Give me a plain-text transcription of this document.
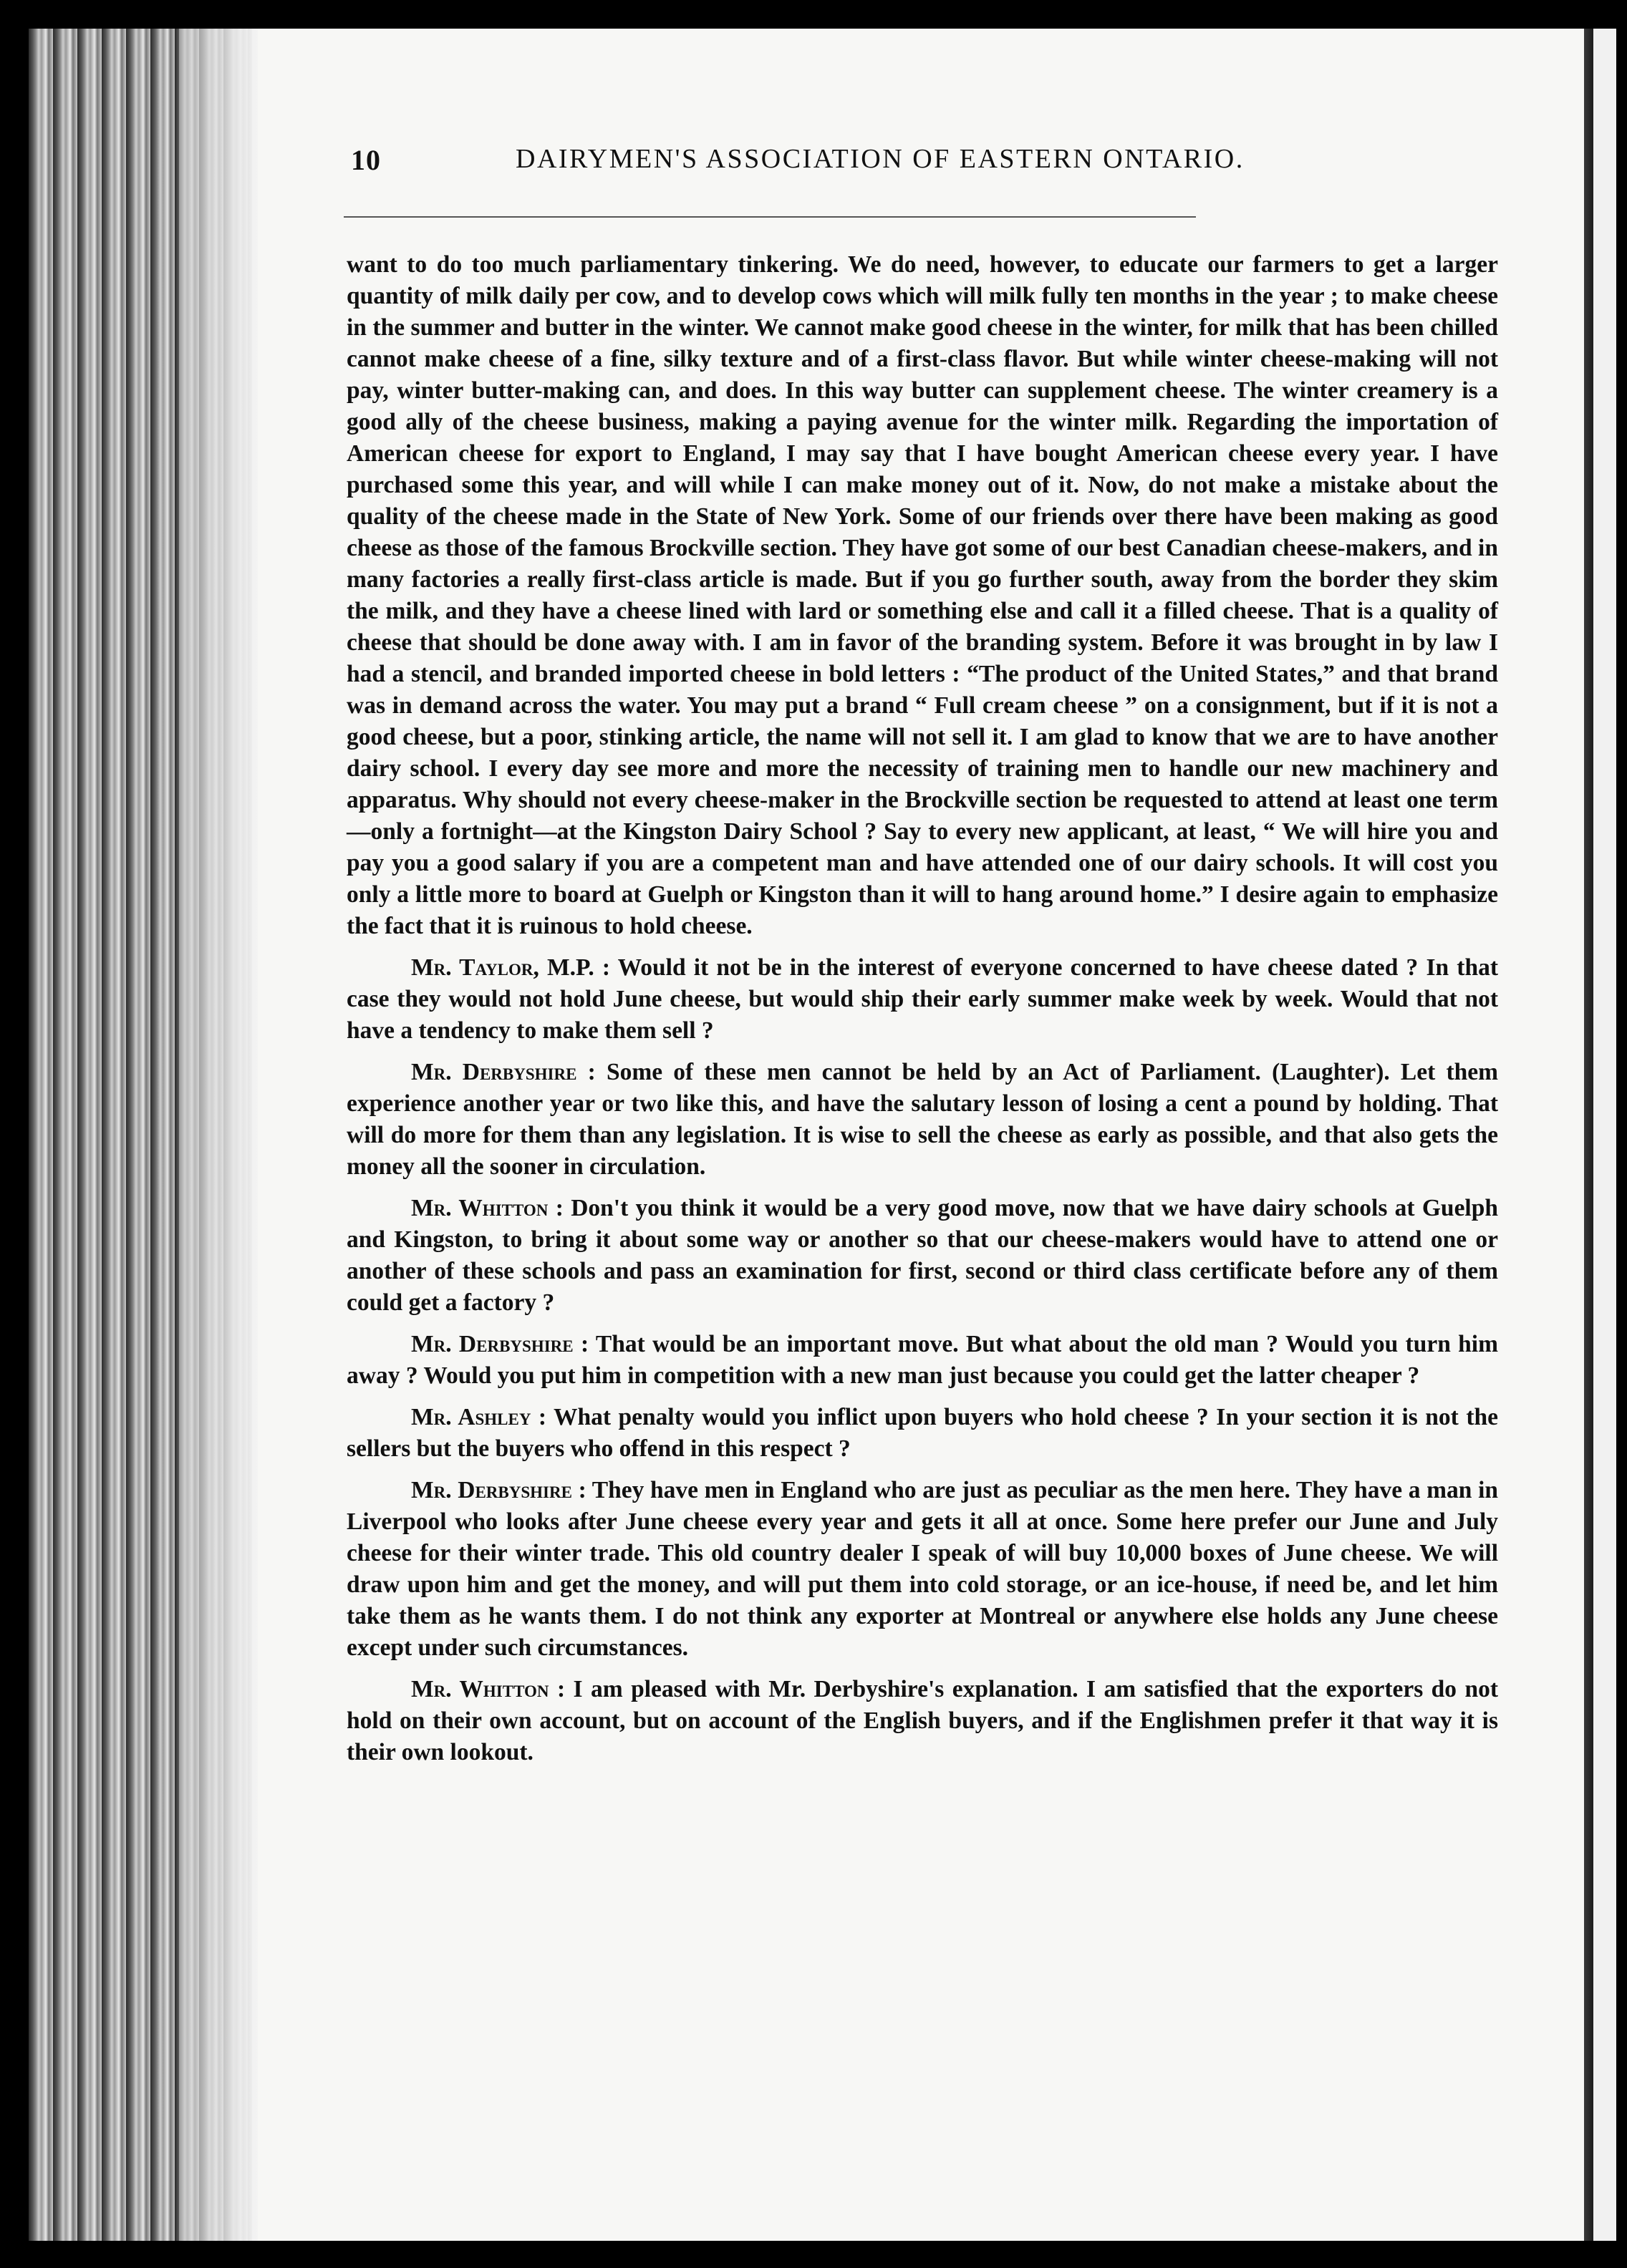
10	DAIRYMEN'S ASSOCIATION OF EASTERN ONTARIO.

want to do too much parliamentary tinkering. We do need, however, to educate our farmers to get a larger quantity of milk daily per cow, and to develop cows which will milk fully ten months in the year ; to make cheese in the summer and butter in the winter. We cannot make good cheese in the winter, for milk that has been chilled cannot make cheese of a fine, silky texture and of a first-class flavor. But while winter cheese-making will not pay, winter butter-making can, and does. In this way butter can supplement cheese. The winter creamery is a good ally of the cheese business, making a paying avenue for the winter milk. Regarding the importation of American cheese for export to England, I may say that I have bought American cheese every year. I have purchased some this year, and will while I can make money out of it. Now, do not make a mistake about the quality of the cheese made in the State of New York. Some of our friends over there have been making as good cheese as those of the famous Brockville section. They have got some of our best Canadian cheese-makers, and in many factories a really first-class article is made. But if you go further south, away from the border they skim the milk, and they have a cheese lined with lard or something else and call it a filled cheese. That is a quality of cheese that should be done away with. I am in favor of the branding system. Before it was brought in by law I had a stencil, and branded imported cheese in bold letters : “The product of the United States,” and that brand was in demand across the water. You may put a brand “ Full cream cheese ” on a consignment, but if it is not a good cheese, but a poor, stinking article, the name will not sell it. I am glad to know that we are to have another dairy school. I every day see more and more the necessity of training men to handle our new machinery and apparatus. Why should not every cheese-maker in the Brockville section be requested to attend at least one term—only a fortnight—at the Kingston Dairy School ? Say to every new applicant, at least, “ We will hire you and pay you a good salary if you are a competent man and have attended one of our dairy schools. It will cost you only a little more to board at Guelph or Kingston than it will to hang around home.” I desire again to emphasize the fact that it is ruinous to hold cheese.

Mr. Taylor, M.P. : Would it not be in the interest of everyone concerned to have cheese dated ? In that case they would not hold June cheese, but would ship their early summer make week by week. Would that not have a tendency to make them sell ?

Mr. Derbyshire : Some of these men cannot be held by an Act of Parliament. (Laughter). Let them experience another year or two like this, and have the salutary lesson of losing a cent a pound by holding. That will do more for them than any legislation. It is wise to sell the cheese as early as possible, and that also gets the money all the sooner in circulation.

Mr. Whitton : Don't you think it would be a very good move, now that we have dairy schools at Guelph and Kingston, to bring it about some way or another so that our cheese-makers would have to attend one or another of these schools and pass an examination for first, second or third class certificate before any of them could get a factory ?

Mr. Derbyshire : That would be an important move. But what about the old man ? Would you turn him away ? Would you put him in competition with a new man just because you could get the latter cheaper ?

Mr. Ashley : What penalty would you inflict upon buyers who hold cheese ? In your section it is not the sellers but the buyers who offend in this respect ?

Mr. Derbyshire : They have men in England who are just as peculiar as the men here. They have a man in Liverpool who looks after June cheese every year and gets it all at once. Some here prefer our June and July cheese for their winter trade. This old country dealer I speak of will buy 10,000 boxes of June cheese. We will draw upon him and get the money, and will put them into cold storage, or an ice-house, if need be, and let him take them as he wants them. I do not think any exporter at Montreal or anywhere else holds any June cheese except under such circumstances.

Mr. Whitton : I am pleased with Mr. Derbyshire's explanation. I am satisfied that the exporters do not hold on their own account, but on account of the English buyers, and if the Englishmen prefer it that way it is their own lookout.
